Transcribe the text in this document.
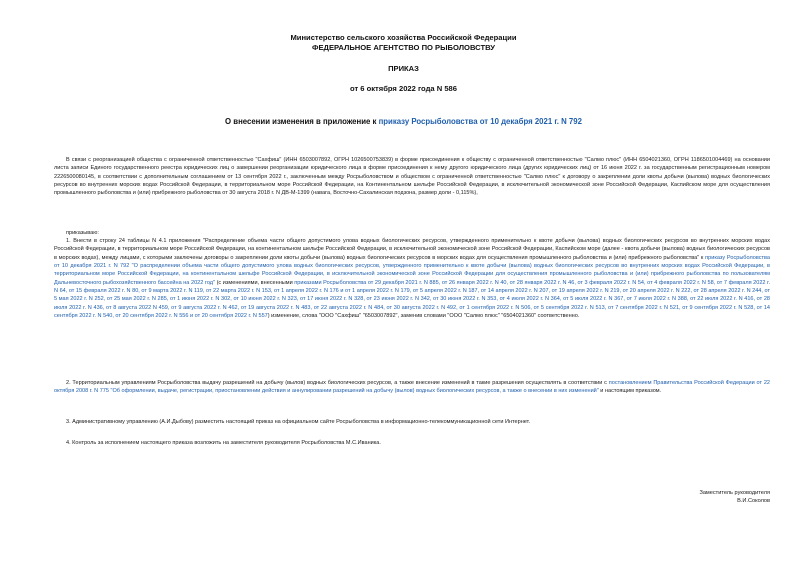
Министерство сельского хозяйства Российской Федерации
ФЕДЕРАЛЬНОЕ АГЕНТСТВО ПО РЫБОЛОВСТВУ
ПРИКАЗ
от 6 октября 2022 года N 586
О внесении изменения в приложение к приказу Росрыболовства от 10 декабря 2021 г. N 792

В связи с реорганизацией общества с ограниченной ответственностью "Сахфиш" (ИНН 6503007892, ОГРН 1026500753839) в форме присоединения к обществу с ограниченной ответственностью "Салмо плюс" (ИНН 6504021360, ОГРН 1186501004469) на основании листа записи Единого государственного реестра юридических лиц о завершении реорганизации юридического лица в форме присоединения к нему другого юридического лица (других юридических лиц) от 16 июня 2022 г. за государственным регистрационным номером 2226500080145, в соответствии с дополнительным соглашением от 13 сентября 2022 г., заключенным между Росрыболовством и обществом с ограниченной ответственностью "Салмо плюс" к договору о закреплении доли квоты добычи (вылова) водных биологических ресурсов во внутренних морских водах Российской Федерации, в территориальном море Российской Федерации, на Континентальном шельфе Российской Федерации, в исключительной экономической зоне Российской Федерации, Каспийском море для осуществления промышленного рыболовства и (или) прибрежного рыболовства от 30 августа 2018 г. N ДВ-М-1399 (навага, Восточно-Сахалинская подзона, размер доли - 0,115%),

приказываю:

1. Внести в строку 24 таблицы N 4.1 приложения "Распределение объема части общего допустимого улова водных биологических ресурсов, утвержденного применительно к квоте добычи (вылова) водных биологических ресурсов во внутренних морских водах Российской Федерации, в территориальном море Российской Федерации, на континентальном шельфе Российской Федерации, в исключительной экономической зоне Российской Федерации, Каспийском море (далее - квота добычи (вылова) водных биологических ресурсов в морских водах), между лицами, с которыми заключены договоры о закреплении доли квоты добычи (вылова) водных биологических ресурсов в морских водах для осуществления промышленного рыболовства и (или) прибрежного рыболовства" к приказу Росрыболовства от 10 декабря 2021 г. N 792 "О распределении объема части общего допустимого улова водных биологических ресурсов, утвержденного применительно к квоте добычи (вылова) водных биологических ресурсов во внутренних морских водах Российской Федерации, в территориальном море Российской Федерации, на континентальном шельфе Российской Федерации, в исключительной экономической зоне Российской Федерации для осуществления промышленного рыболовства и (или) прибрежного рыболовства по пользователям Дальневосточного рыбохозяйственного бассейна на 2022 год" (с изменениями, внесенными приказами Росрыболовства от 29 декабря 2021 г. N 885, от 26 января 2022 г. N 40, от 28 января 2022 г. N 46, от 3 февраля 2022 г. N 54, от 4 февраля 2022 г. N 58, от 7 февраля 2022 г. N 64, от 15 февраля 2022 г. N 80, от 9 марта 2022 г. N 119, от 22 марта 2022 г. N 153, от 1 апреля 2022 г. N 176 и от 1 апреля 2022 г. N 179, от 5 апреля 2022 г. N 187, от 14 апреля 2022 г. N 207, от 19 апреля 2022 г. N 219, от 20 апреля 2022 г. N 222, от 28 апреля 2022 г. N 244, от 5 мая 2022 г. N 252, от 25 мая 2022 г. N 285, от 1 июня 2022 г. N 302, от 10 июня 2022 г. N 323, от 17 июня 2022 г. N 328, от 23 июня 2022 г. N 342, от 30 июня 2022 г. N 353, от 4 июля 2022 г. N 364, от 5 июля 2022 г. N 367, от 7 июля 2022 г. N 388, от 22 июля 2022 г. N 416, от 28 июля 2022 г. N 436, от 8 августа 2022 N 459, от 9 августа 2022 г. N 462, от 19 августа 2022 г. N 483, от 22 августа 2022 г. N 484, от 30 августа 2022 г. N 492, от 1 сентября 2022 г. N 506, от 5 сентября 2022 г. N 513, от 7 сентября 2022 г. N 521, от 9 сентября 2022 г. N 528, от 14 сентября 2022 г. N 540, от 20 сентября 2022 г. N 556 и от 20 сентября 2022 г. N 557) изменение, слова "ООО "Сахфиш" "6503007892", заменив словами "ООО "Салмо плюс" "6504021360" соответственно.

2. Территориальным управлениям Росрыболовства выдачу разрешений на добычу (вылов) водных биологических ресурсов, а также внесение изменений в такие разрешения осуществлять в соответствии с постановлением Правительства Российской Федерации от 22 октября 2008 г. N 775 "Об оформлении, выдаче, регистрации, приостановлении действия и аннулировании разрешений на добычу (вылов) водных биологических ресурсов, а также о внесении в них изменений" и настоящим приказом.

3. Административному управлению (А.И.Дыбову) разместить настоящий приказ на официальном сайте Росрыболовства в информационно-телекоммуникационной сети Интернет.

4. Контроль за исполнением настоящего приказа возложить на заместителя руководителя Росрыболовства М.С.Иваника.

Заместитель руководителя
В.И.Соколов
